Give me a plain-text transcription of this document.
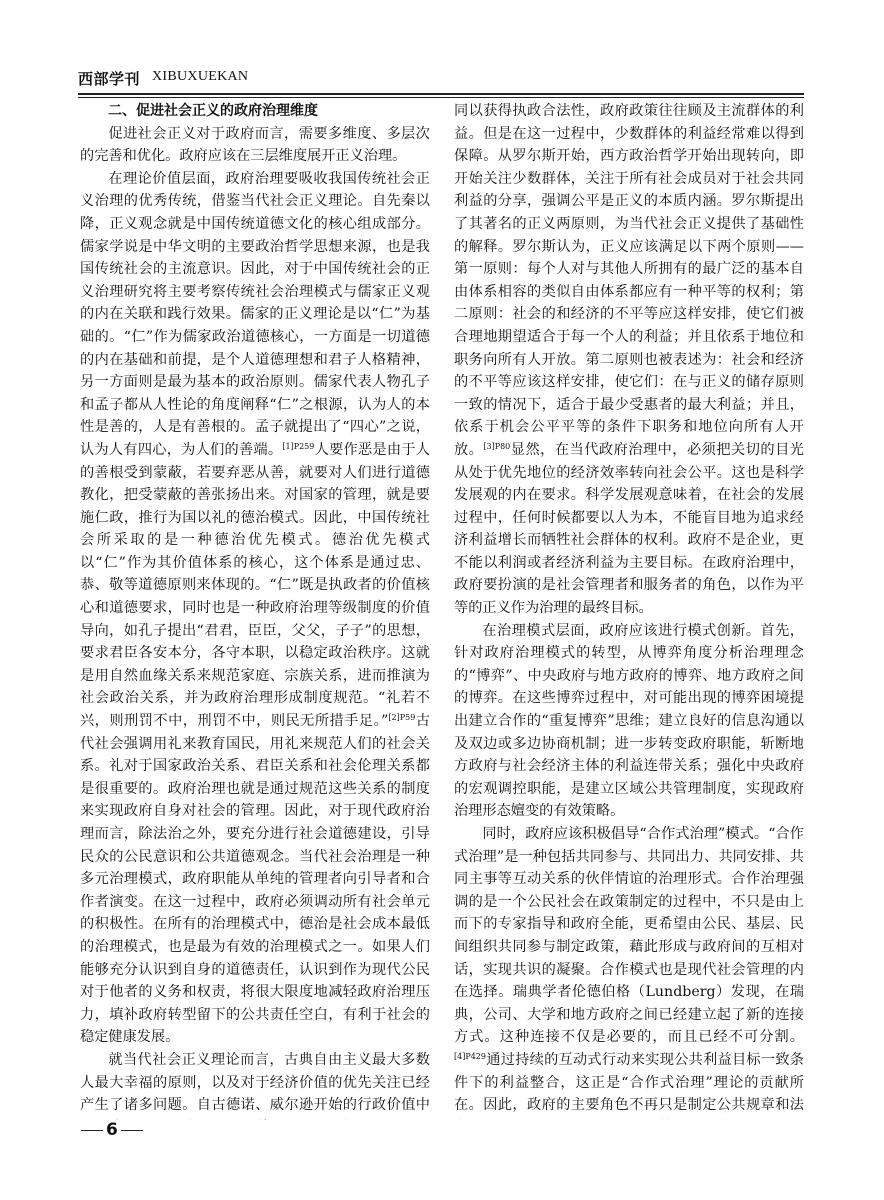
西部学刊 XIBUXUEKAN

二、促进社会正义的政府治理维度

促进社会正义对于政府而言，需要多维度、多层次的完善和优化。政府应该在三层维度展开正义治理。

在理论价值层面，政府治理要吸收我国传统社会正义治理的优秀传统，借鉴当代社会正义理论。自先秦以降，正义观念就是中国传统道德文化的核心组成部分。儒家学说是中华文明的主要政治哲学思想来源，也是我国传统社会的主流意识。因此，对于中国传统社会的正义治理研究将主要考察传统社会治理模式与儒家正义观的内在关联和践行效果。儒家的正义理论是以“仁”为基础的。“仁”作为儒家政治道德核心，一方面是一切道德的内在基础和前提，是个人道德理想和君子人格精神，另一方面则是最为基本的政治原则。儒家代表人物孔子和孟子都从人性论的角度阐释“仁”之根源，认为人的本性是善的，人是有善根的。孟子就提出了“四心”之说，认为人有四心，为人们的善端。$^{[1]P259}$人要作恶是由于人的善根受到蒙蔽，若要弃恶从善，就要对人们进行道德教化，把受蒙蔽的善张扬出来。对国家的管理，就是要施仁政，推行为国以礼的德治模式。因此，中国传统社会所采取的是一种德治优先模式。德治优先模式以“仁”作为其价值体系的核心，这个体系是通过忠、恭、敬等道德原则来体现的。“仁”既是执政者的价值核心和道德要求，同时也是一种政府治理等级制度的价值导向，如孔子提出“君君，臣臣，父父，子子”的思想，要求君臣各安本分，各守本职，以稳定政治秩序。这就是用自然血缘关系来规范家庭、宗族关系，进而推演为社会政治关系，并为政府治理形成制度规范。“礼若不兴，则刑罚不中，刑罚不中，则民无所措手足。”$^{[2]P59}$古代社会强调用礼来教育国民，用礼来规范人们的社会关系。礼对于国家政治关系、君臣关系和社会伦理关系都是很重要的。政府治理也就是通过规范这些关系的制度来实现政府自身对社会的管理。因此，对于现代政府治理而言，除法治之外，要充分进行社会道德建设，引导民众的公民意识和公共道德观念。当代社会治理是一种多元治理模式，政府职能从单纯的管理者向引导者和合作者演变。在这一过程中，政府必须调动所有社会单元的积极性。在所有的治理模式中，德治是社会成本最低的治理模式，也是最为有效的治理模式之一。如果人们能够充分认识到自身的道德责任，认识到作为现代公民对于他者的义务和权责，将很大限度地减轻政府治理压力，填补政府转型留下的公共责任空白，有利于社会的稳定健康发展。

就当代社会正义理论而言，古典自由主义最大多数人最大幸福的原则，以及对于经济价值的优先关注已经产生了诸多问题。自古德诺、威尔逊开始的行政价值中

同以获得执政合法性，政府政策往往顾及主流群体的利益。但是在这一过程中，少数群体的利益经常难以得到保障。从罗尔斯开始，西方政治哲学开始出现转向，即开始关注少数群体，关注于所有社会成员对于社会共同利益的分享，强调公平是正义的本质内涵。罗尔斯提出了其著名的正义两原则，为当代社会正义提供了基础性的解释。罗尔斯认为，正义应该满足以下两个原则——第一原则：每个人对与其他人所拥有的最广泛的基本自由体系相容的类似自由体系都应有一种平等的权利；第二原则：社会的和经济的不平等应这样安排，使它们被合理地期望适合于每一个人的利益；并且依系于地位和职务向所有人开放。第二原则也被表述为：社会和经济的不平等应该这样安排，使它们：在与正义的储存原则一致的情况下，适合于最少受惠者的最大利益；并且，依系于机会公平平等的条件下职务和地位向所有人开放。$^{[3]P80}$显然，在当代政府治理中，必须把关切的目光从处于优先地位的经济效率转向社会公平。这也是科学发展观的内在要求。科学发展观意味着，在社会的发展过程中，任何时候都要以人为本，不能盲目地为追求经济利益增长而牺牲社会群体的权利。政府不是企业，更不能以利润或者经济利益为主要目标。在政府治理中，政府要扮演的是社会管理者和服务者的角色，以作为平等的正义作为治理的最终目标。

在治理模式层面，政府应该进行模式创新。首先，针对政府治理模式的转型，从博弈角度分析治理理念的“博弈”、中央政府与地方政府的博弈、地方政府之间的博弈。在这些博弈过程中，对可能出现的博弈困境提出建立合作的“重复博弈”思维；建立良好的信息沟通以及双边或多边协商机制；进一步转变政府职能，斩断地方政府与社会经济主体的利益连带关系；强化中央政府的宏观调控职能，是建立区域公共管理制度，实现政府治理形态嬗变的有效策略。

同时，政府应该积极倡导“合作式治理”模式。“合作式治理”是一种包括共同参与、共同出力、共同安排、共同主事等互动关系的伙伴情谊的治理形式。合作治理强调的是一个公民社会在政策制定的过程中，不只是由上而下的专家指导和政府全能，更希望由公民、基层、民间组织共同参与制定政策，藉此形成与政府间的互相对话，实现共识的凝聚。合作模式也是现代社会管理的内在选择。瑞典学者伦德伯格（Lundberg）发现，在瑞典，公司、大学和地方政府之间已经建立起了新的连接方式。这种连接不仅是必要的，而且已经不可分割。$^{[4]P429}$通过持续的互动式行动来实现公共利益目标一致条件下的利益整合，这正是“合作式治理”理论的贡献所在。因此，政府的主要角色不再只是制定公共规章和法

6
